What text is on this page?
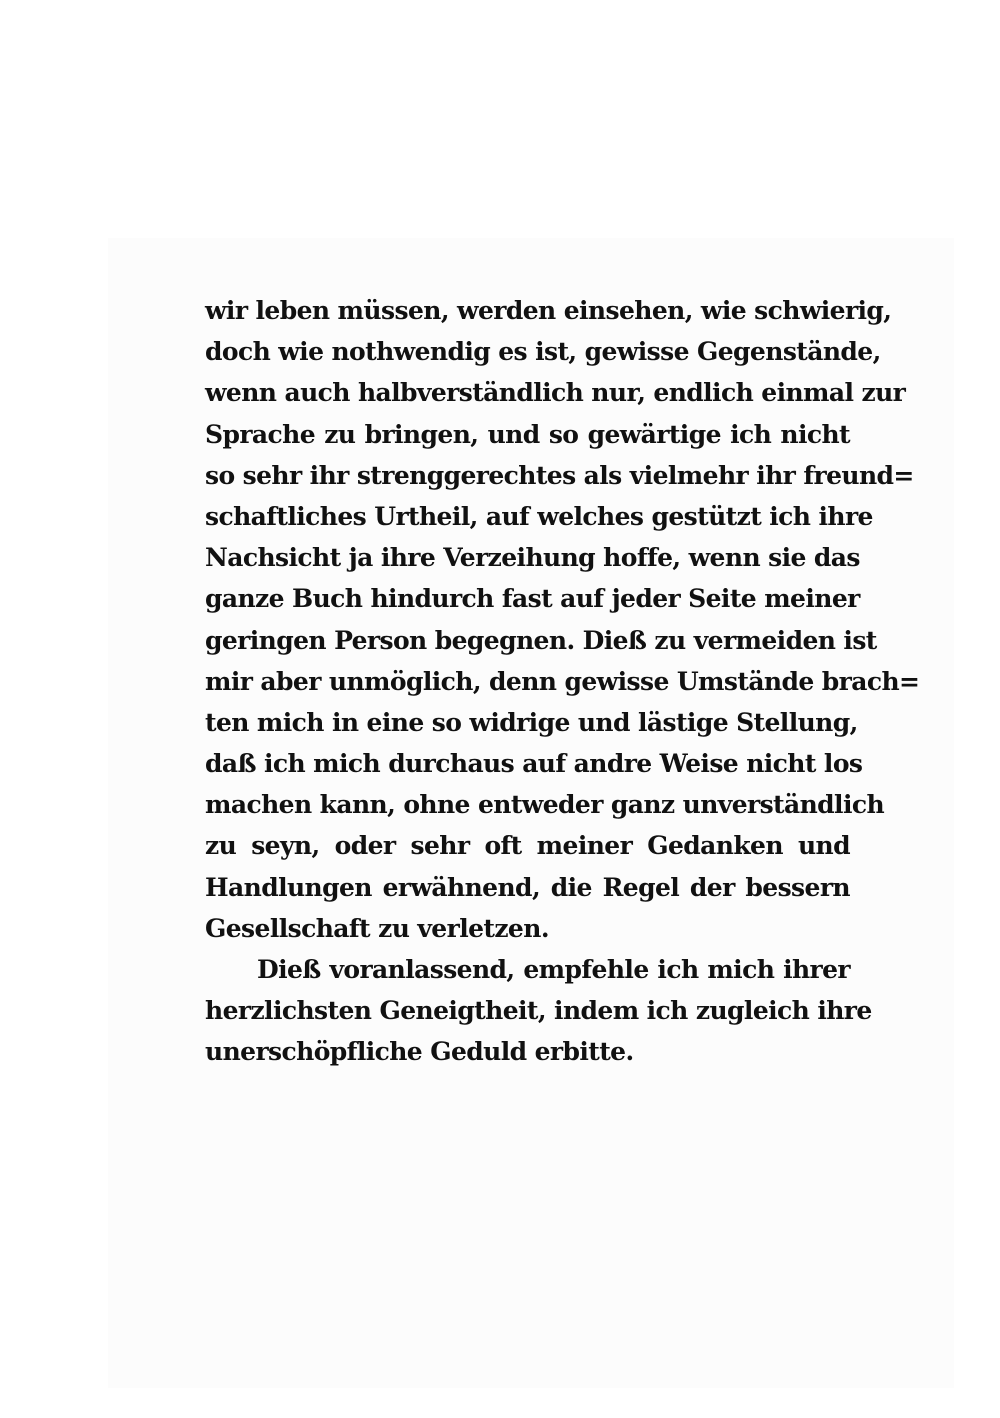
wir leben müssen, werden einsehen, wie schwierig,
doch wie nothwendig es ist, gewisse Gegenstände,
wenn auch halbverständlich nur, endlich einmal zur
Sprache zu bringen, und so gewärtige ich nicht
so sehr ihr strenggerechtes als vielmehr ihr freund=
schaftliches Urtheil, auf welches gestützt ich ihre
Nachsicht ja ihre Verzeihung hoffe, wenn sie das
ganze Buch hindurch fast auf jeder Seite meiner
geringen Person begegnen. Dieß zu vermeiden ist
mir aber unmöglich, denn gewisse Umstände brach=
ten mich in eine so widrige und lästige Stellung,
daß ich mich durchaus auf andre Weise nicht los
machen kann, ohne entweder ganz unverständlich
zu seyn, oder sehr oft meiner Gedanken und
Handlungen erwähnend, die Regel der bessern
Gesellschaft zu verletzen.
Dieß voranlassend, empfehle ich mich ihrer
herzlichsten Geneigtheit, indem ich zugleich ihre
unerschöpfliche Geduld erbitte.
